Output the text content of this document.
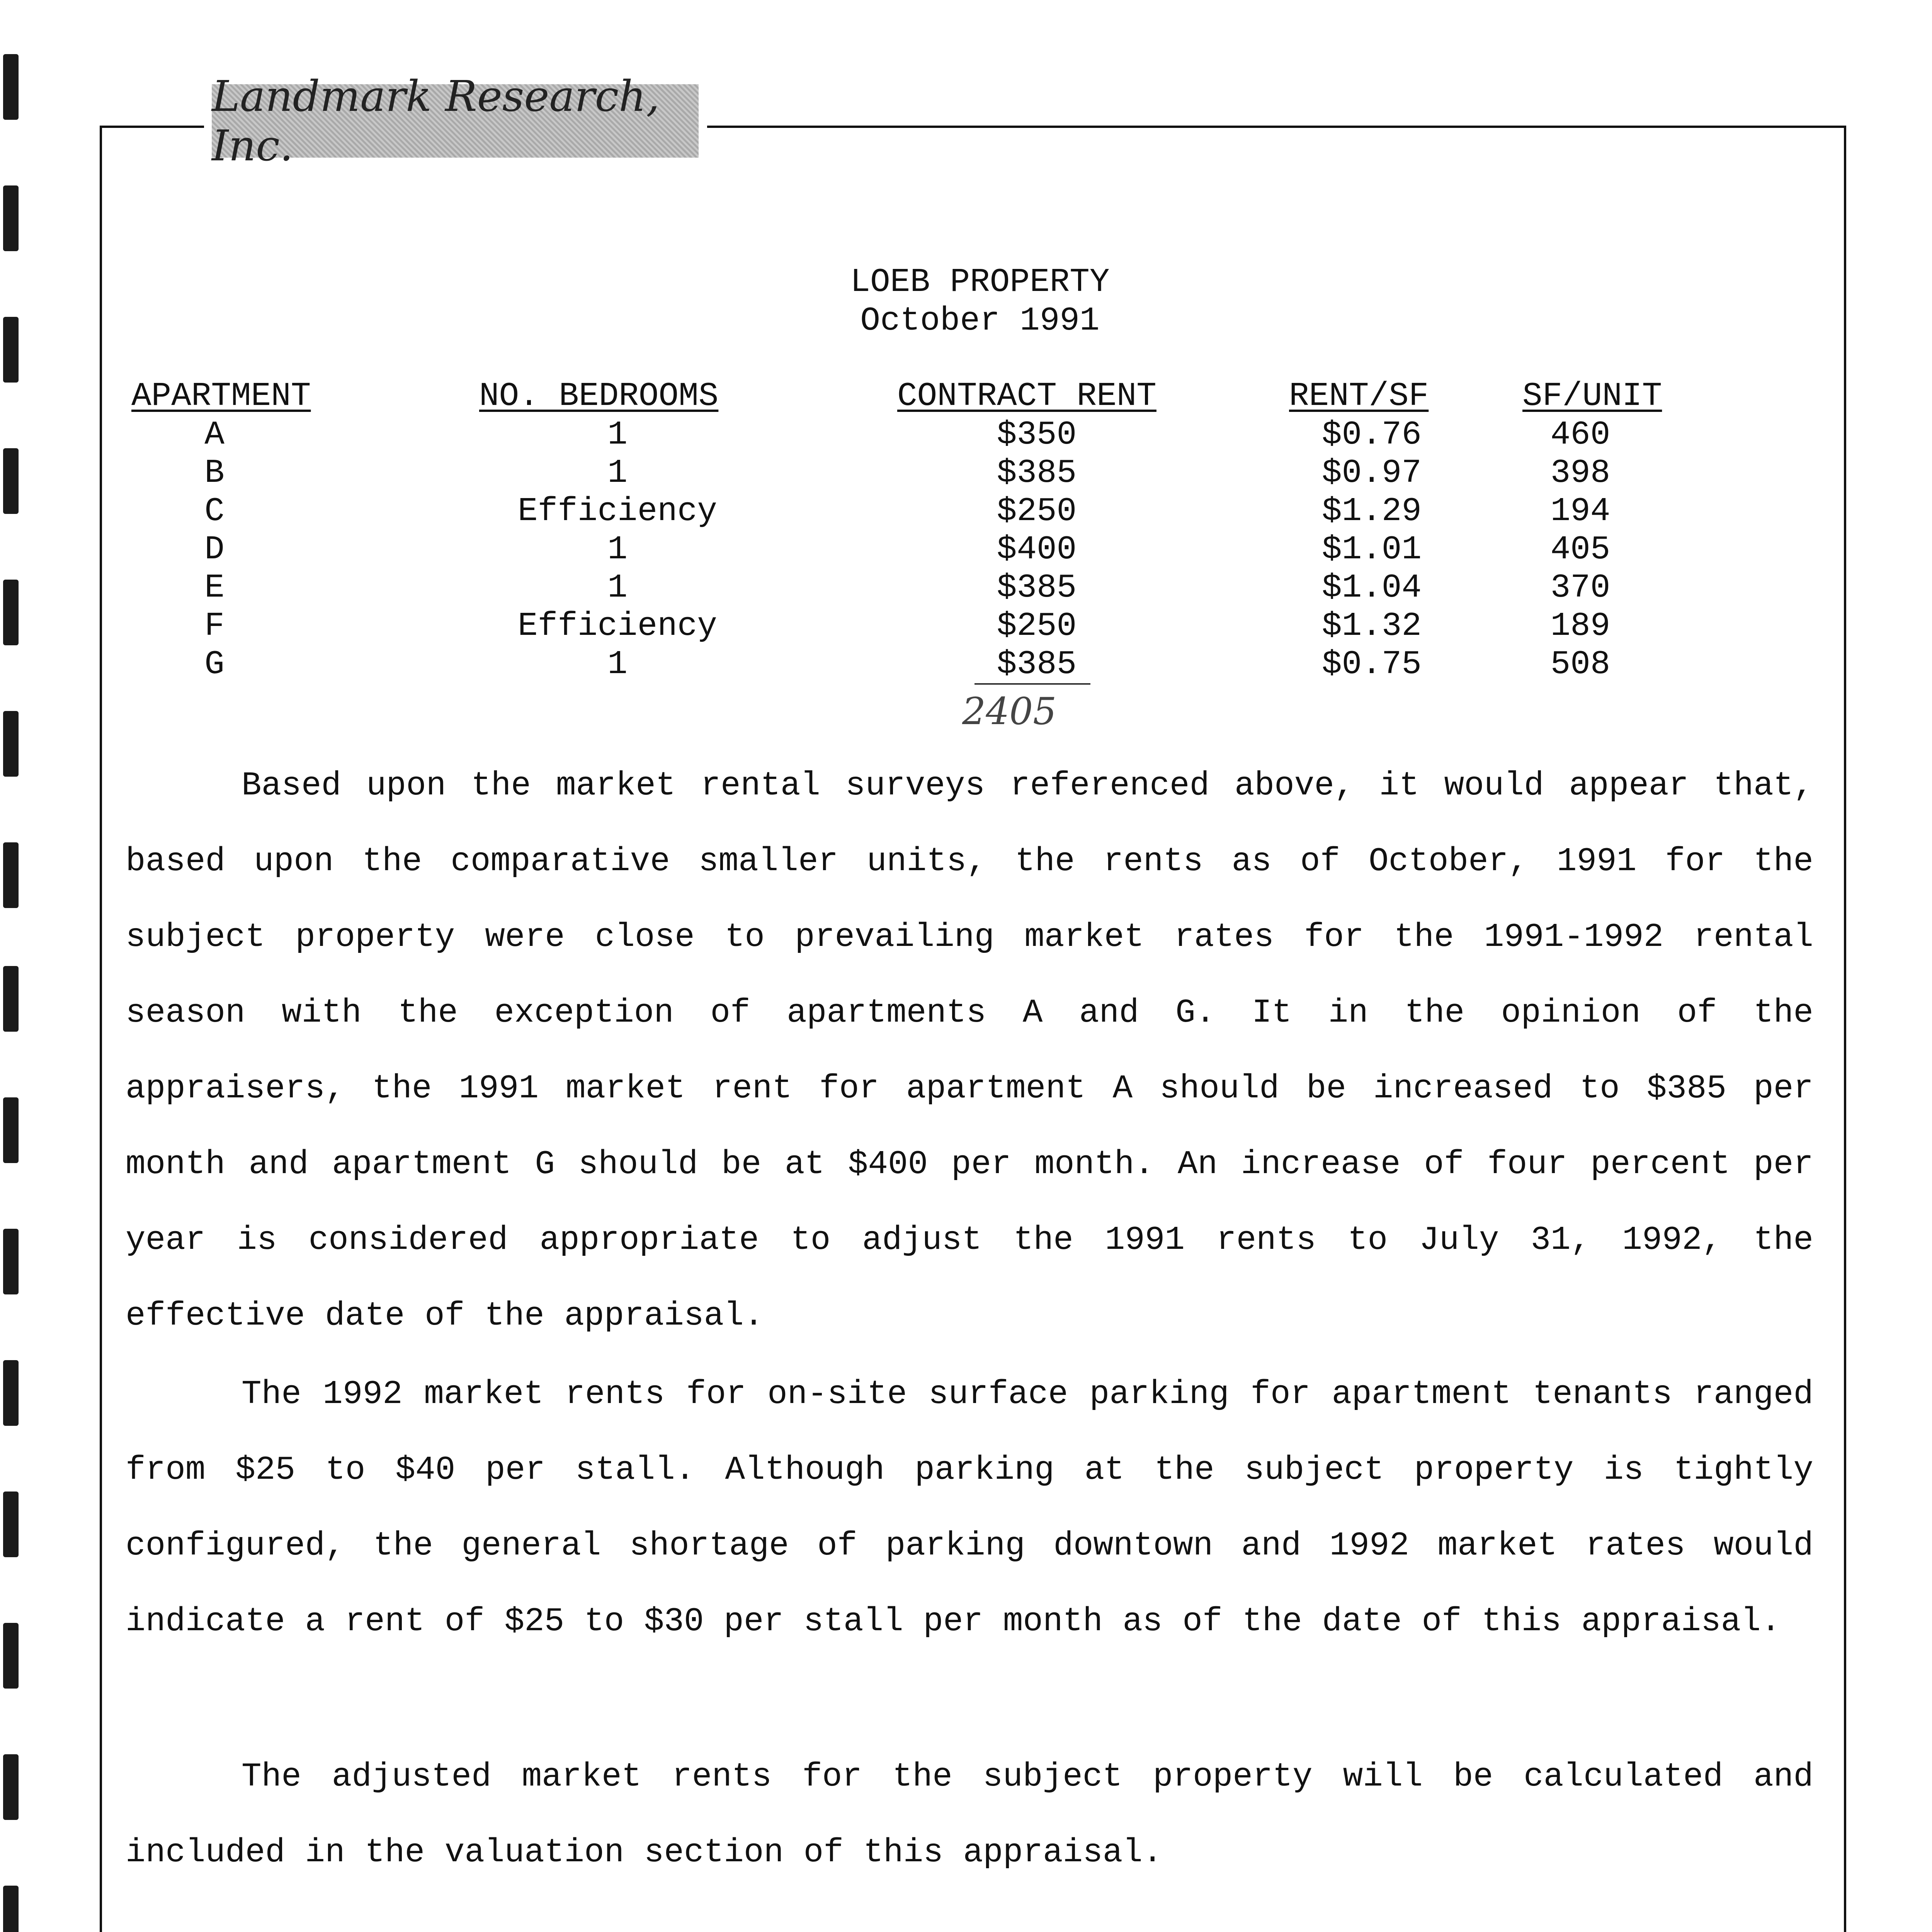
Landmark Research, Inc.
LOEB PROPERTY
October 1991
APARTMENT	NO. BEDROOMS	CONTRACT RENT	RENT/SF	SF/UNIT
A	1	$350	$0.76	460
B	1	$385	$0.97	398
C	Efficiency	$250	$1.29	194
D	1	$400	$1.01	405
E	1	$385	$1.04	370
F	Efficiency	$250	$1.32	189
G	1	$385	$0.75	508
2405

Based upon the market rental surveys referenced above, it would appear that, based upon the comparative smaller units, the rents as of October, 1991 for the subject property were close to prevailing market rates for the 1991-1992 rental season with the exception of apartments A and G. It in the opinion of the appraisers, the 1991 market rent for apartment A should be increased to $385 per month and apartment G should be at $400 per month. An increase of four percent per year is considered appropriate to adjust the 1991 rents to July 31, 1992, the effective date of the appraisal.

The 1992 market rents for on-site surface parking for apartment tenants ranged from $25 to $40 per stall. Although parking at the subject property is tightly configured, the general shortage of parking downtown and 1992 market rates would indicate a rent of $25 to $30 per stall per month as of the date of this appraisal.

The adjusted market rents for the subject property will be calculated and included in the valuation section of this appraisal.
